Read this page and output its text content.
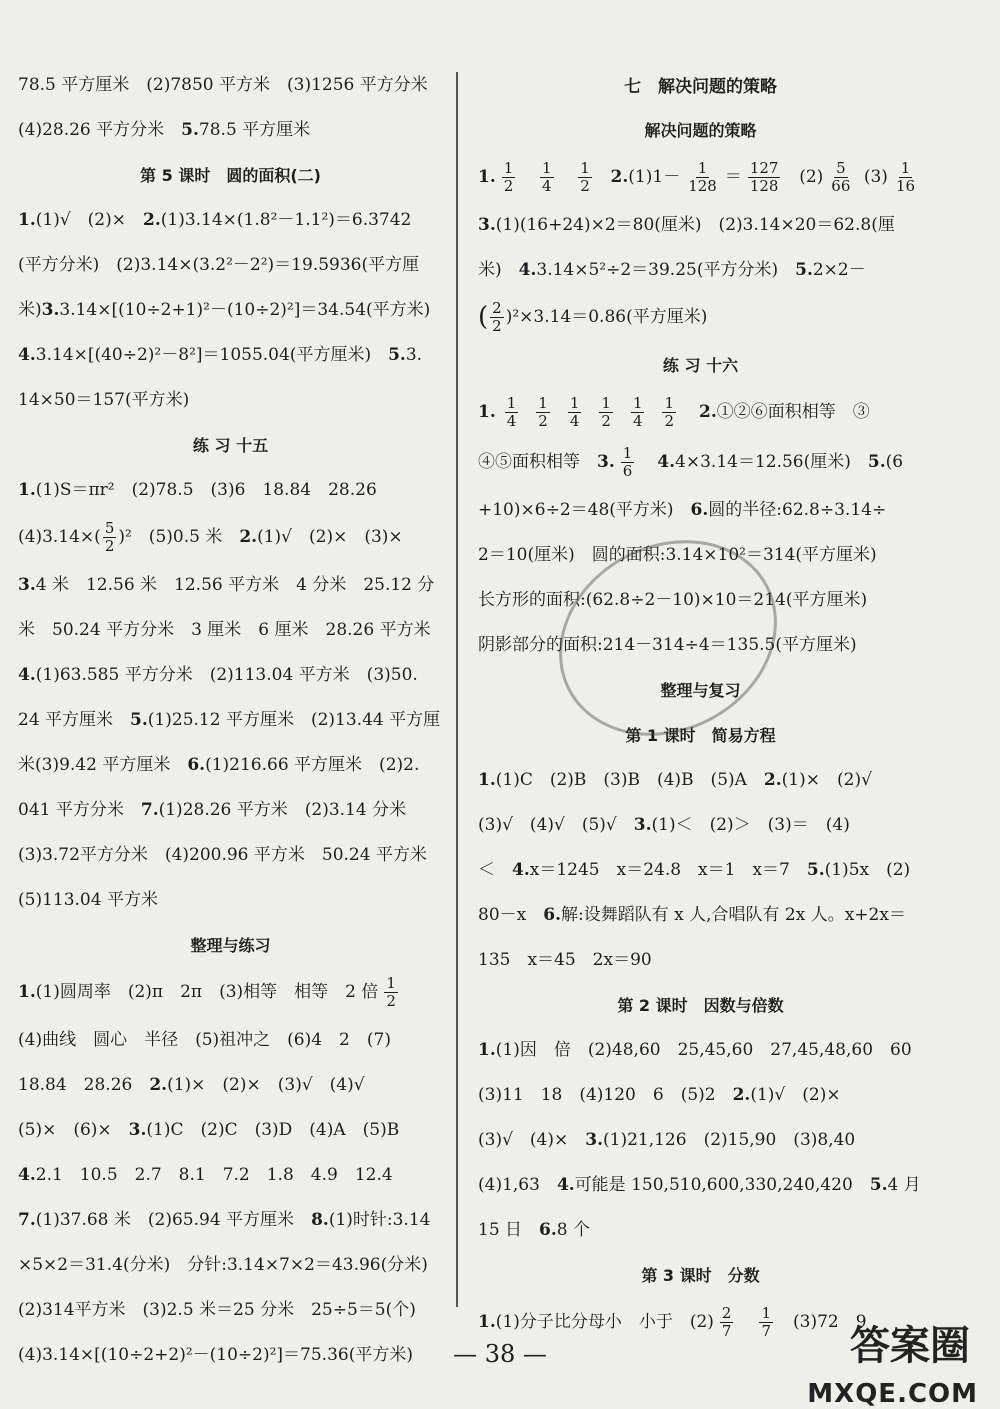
78.5 平方厘米　(2)7850 平方米　(3)1256 平方分米
(4)28.26 平方分米　 5. 78.5 平方厘米
第 5 课时　圆的面积(二)
1. (1)√　(2)×　 2. (1)3.14×(1.8²－1.1²)＝6.3742
(平方分米)　(2)3.14×(3.2²－2²)＝19.5936(平方厘
米) 3. 3.14×[(10÷2+1)²－(10÷2)²]＝34.54(平方米)
4. 3.14×[(40÷2)²－8²]＝1055.04(平方厘米)　 5. 3.
14×50＝157(平方米)
练 习 十五
1. (1)S＝πr²　(2)78.5　(3)6　18.84　28.26
$(4)3.14\times( \frac{5}{2} )^2$　(5)0.5 米　 2. (1)√　(2)×　(3)×
3. 4 米　12.56 米　12.56 平方米　4 分米　25.12 分
米　50.24 平方分米　3 厘米　6 厘米　28.26 平方米
4. (1)63.585 平方分米　(2)113.04 平方米　(3)50.
24 平方厘米　 5. (1)25.12 平方厘米　(2)13.44 平方厘
米(3)9.42 平方厘米　 6. (1)216.66 平方厘米　(2)2.
041 平方分米　 7. (1)28.26 平方米　(2)3.14 分米
(3)3.72平方分米　(4)200.96 平方米　50.24 平方米
(5)113.04 平方米
整理与练习
1. (1)圆周率　(2)π　2π　(3)相等　相等　2 倍 $\frac{1}{2}$
(4)曲线　圆心　半径　(5)祖冲之　(6)4　2　(7)
18.84　28.26　 2. (1)×　(2)×　(3)√　(4)√
(5)×　(6)×　 3. (1)C　(2)C　(3)D　(4)A　(5)B
4. 2.1　10.5　2.7　8.1　7.2　1.8　4.9　12.4
7. (1)37.68 米　(2)65.94 平方厘米　 8. (1)时针:3.14
×5×2＝31.4(分米)　分针:3.14×7×2＝43.96(分米)
(2)314平方米　(3)2.5 米＝25 分米　25÷5＝5(个)
(4)3.14×[(10÷2+2)²－(10÷2)²]＝75.36(平方米)
七　解决问题的策略
解决问题的策略
1. $\frac{1}{2} \frac{1}{4} \frac{1}{2} 2$. $(1)1- \frac{1}{128} = \frac{127}{128} (2) \frac{5}{66} (3) \frac{1}{16}$
3. (1)(16+24)×2＝80(厘米)　(2)3.14×20＝62.8(厘
米)　 4. 3.14×5²÷2＝39.25(平方分米)　 5. 2×2－
( $\frac{2}{2} )^2\times 3.14=0.86$(平方厘米)
练 习 十六
1. $\frac{1}{4} \frac{1}{2} \frac{1}{4} \frac{1}{2} \frac{1}{4} \frac{1}{2} 2$. ①②⑥面积相等　③
④⑤面积相等　 3. $\frac{1}{6}$
　 4. 4×3.14＝12.56(厘米)　 5. (6
+10)×6÷2＝48(平方米)　 6. 圆的半径:62.8÷3.14÷
2＝10(厘米)　圆的面积:3.14×10²＝314(平方厘米)
长方形的面积:(62.8÷2－10)×10＝214(平方厘米)
阴影部分的面积:214－314÷4＝135.5(平方厘米)
整理与复习
第 1 课时　简易方程
1. (1)C　(2)B　(3)B　(4)B　(5)A　 2. (1)×　(2)√
(3)√　(4)√　(5)√　 3. (1)＜　(2)＞　(3)＝　(4)
＜　 4. x＝1245　x＝24.8　x＝1　x＝7　 5. (1)5x　(2)
80－x　 6. 解:设舞蹈队有 x 人,合唱队有 2x 人。x+2x＝
135　x＝45　2x＝90
第 2 课时　因数与倍数
1. (1)因　倍　(2)48,60　25,45,60　27,45,48,60　60
(3)11　18　(4)120　6　(5)2　 2. (1)√　(2)×
(3)√　(4)×　 3. (1)21,126　(2)15,90　(3)8,40
(4)1,63　 4. 可能是 150,510,600,330,240,420　 5. 4 月
15 日　 6. 8 个
第 3 课时　分数
1. (1)分子比分母小　小于　$(2) \frac{2}{7} \frac{1}{7} (3)72$　9
— 38 —	答案圈
MXQE.COM
